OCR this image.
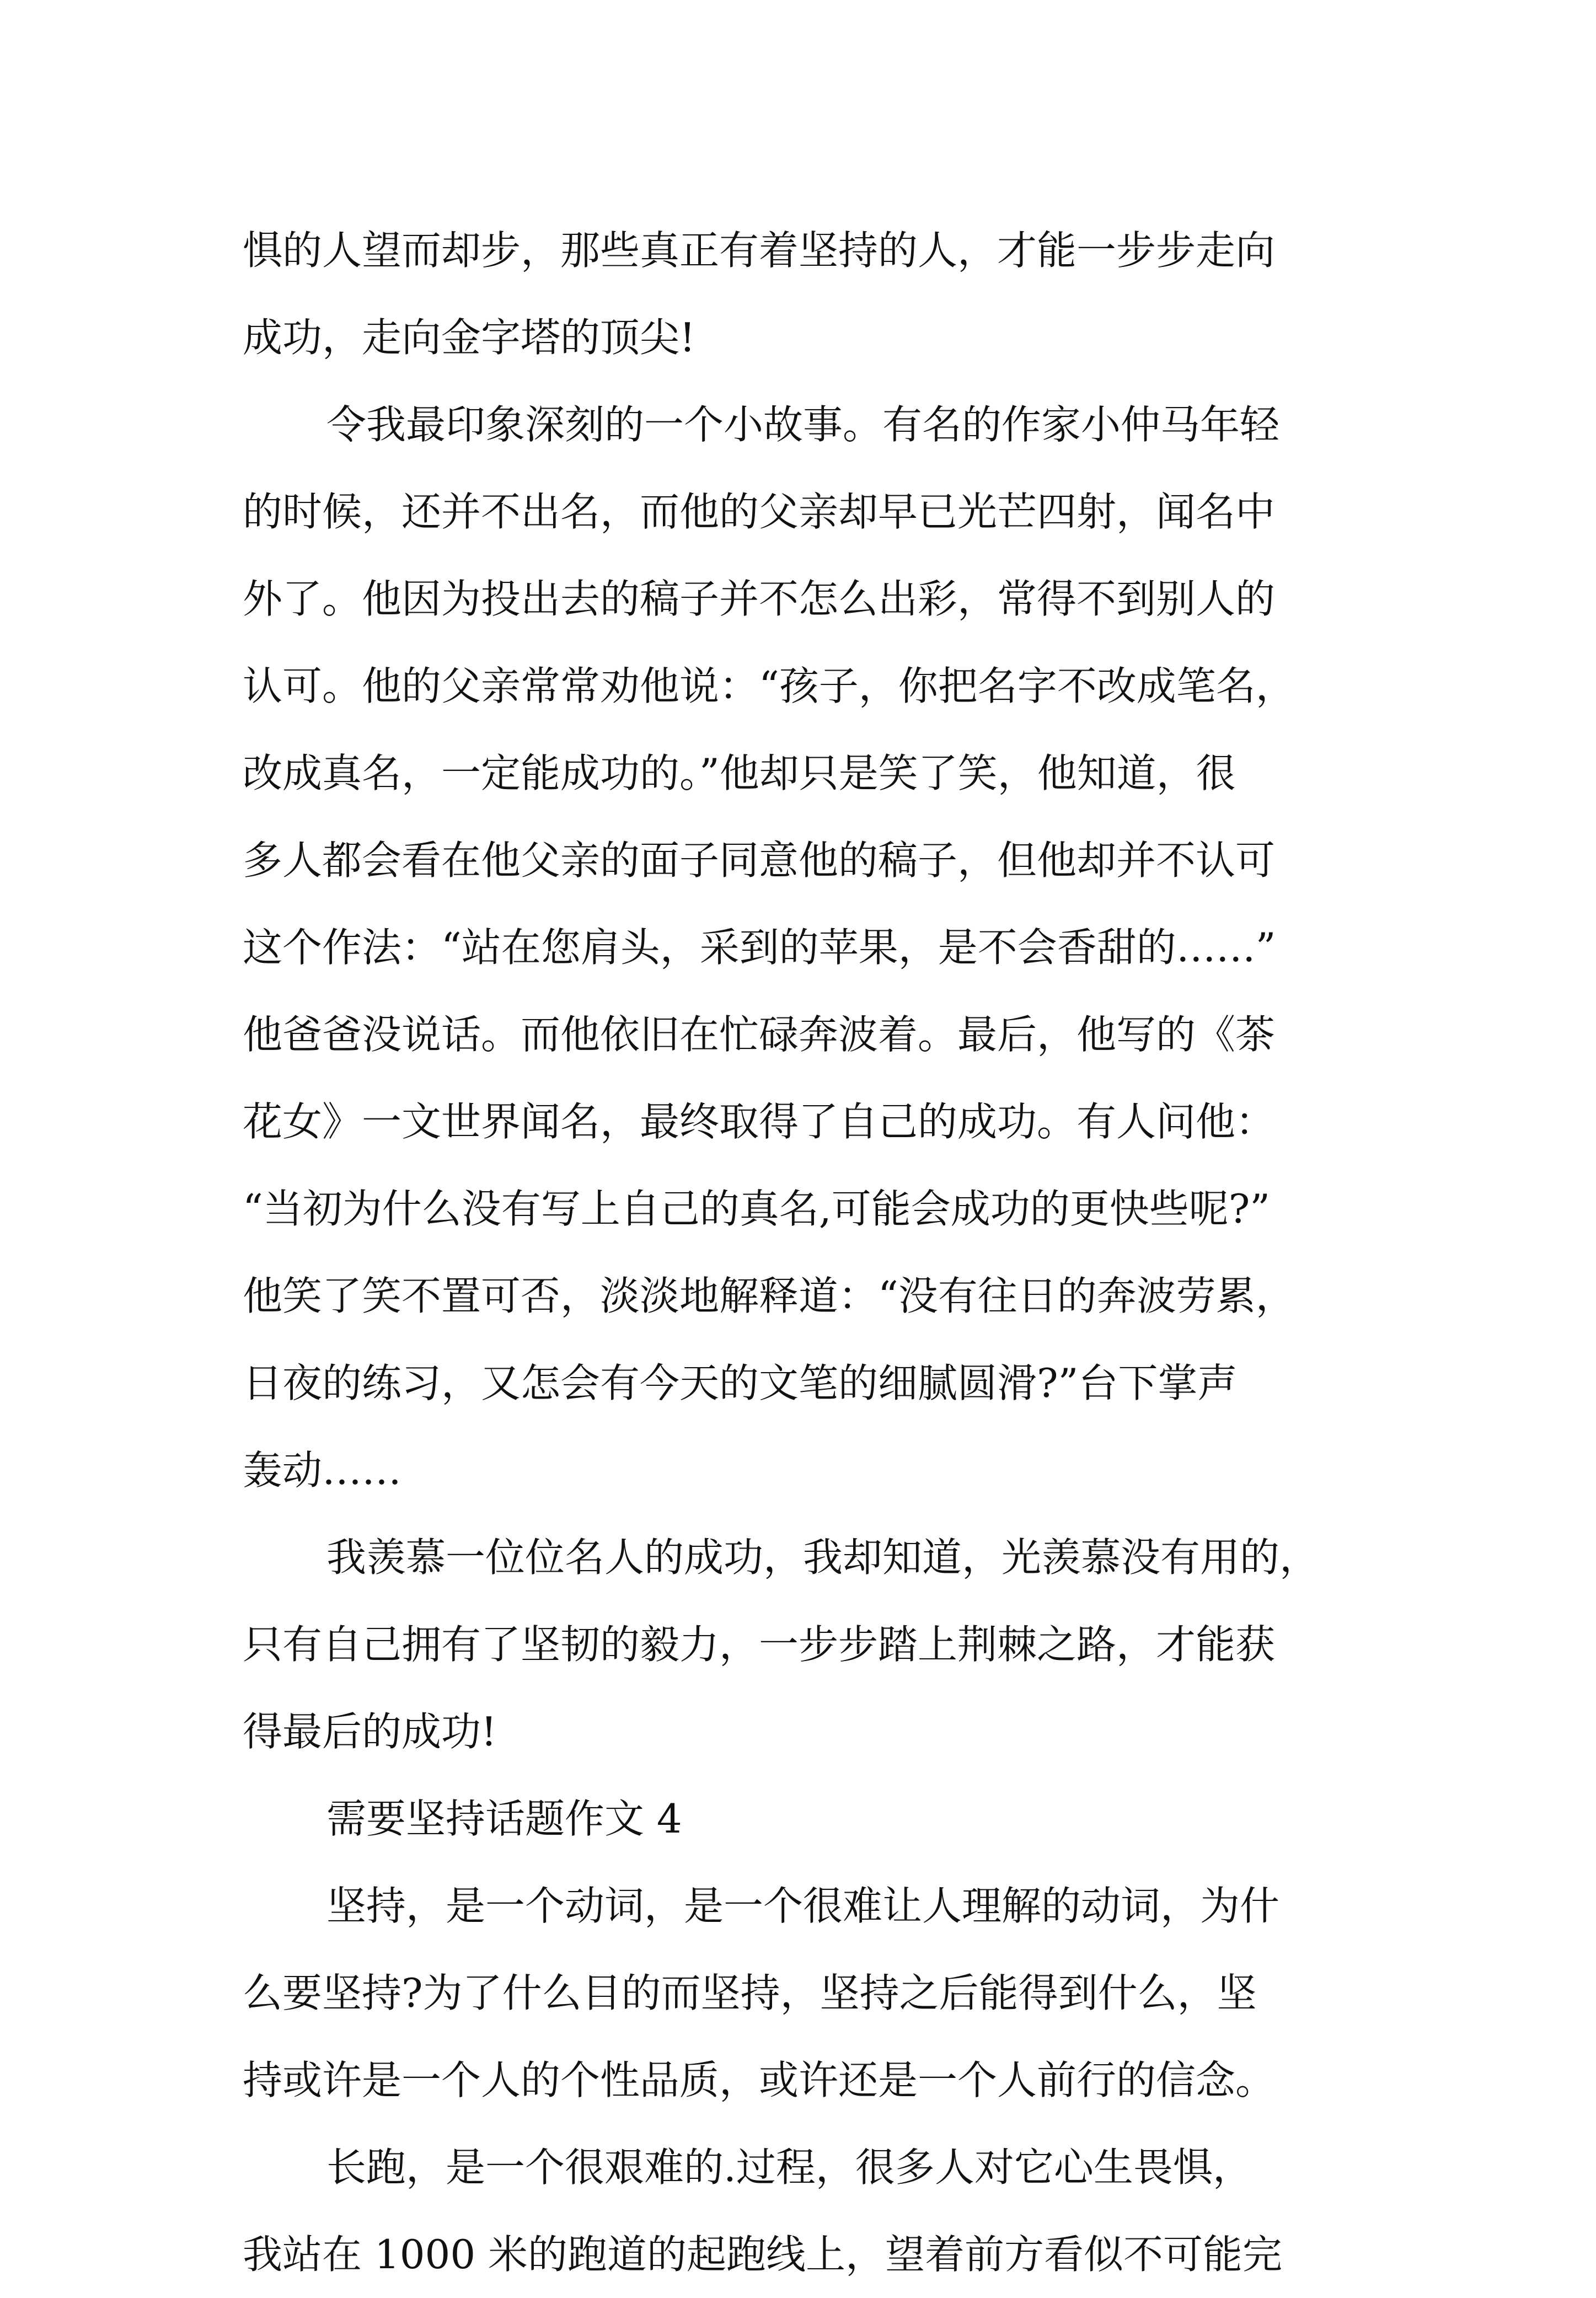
惧的人望而却步，那些真正有着坚持的人，才能一步步走向
成功，走向金字塔的顶尖!
令我最印象深刻的一个小故事。有名的作家小仲马年轻
的时候，还并不出名，而他的父亲却早已光芒四射，闻名中
外了。他因为投出去的稿子并不怎么出彩，常得不到别人的
认可。他的父亲常常劝他说：“孩子，你把名字不改成笔名，
改成真名，一定能成功的。”他却只是笑了笑，他知道，很
多人都会看在他父亲的面子同意他的稿子，但他却并不认可
这个作法：“站在您肩头，采到的苹果，是不会香甜的……”
他爸爸没说话。而他依旧在忙碌奔波着。最后，他写的《茶
花女》一文世界闻名，最终取得了自己的成功。有人问他：
“当初为什么没有写上自己的真名,可能会成功的更快些呢?”
他笑了笑不置可否，淡淡地解释道：“没有往日的奔波劳累，
日夜的练习，又怎会有今天的文笔的细腻圆滑?”台下掌声
轰动……
我羡慕一位位名人的成功，我却知道，光羡慕没有用的，
只有自己拥有了坚韧的毅力，一步步踏上荆棘之路，才能获
得最后的成功!
需要坚持话题作文 4
坚持，是一个动词，是一个很难让人理解的动词，为什
么要坚持?为了什么目的而坚持，坚持之后能得到什么，坚
持或许是一个人的个性品质，或许还是一个人前行的信念。
长跑，是一个很艰难的.过程，很多人对它心生畏惧，
我站在 1000 米的跑道的起跑线上，望着前方看似不可能完
